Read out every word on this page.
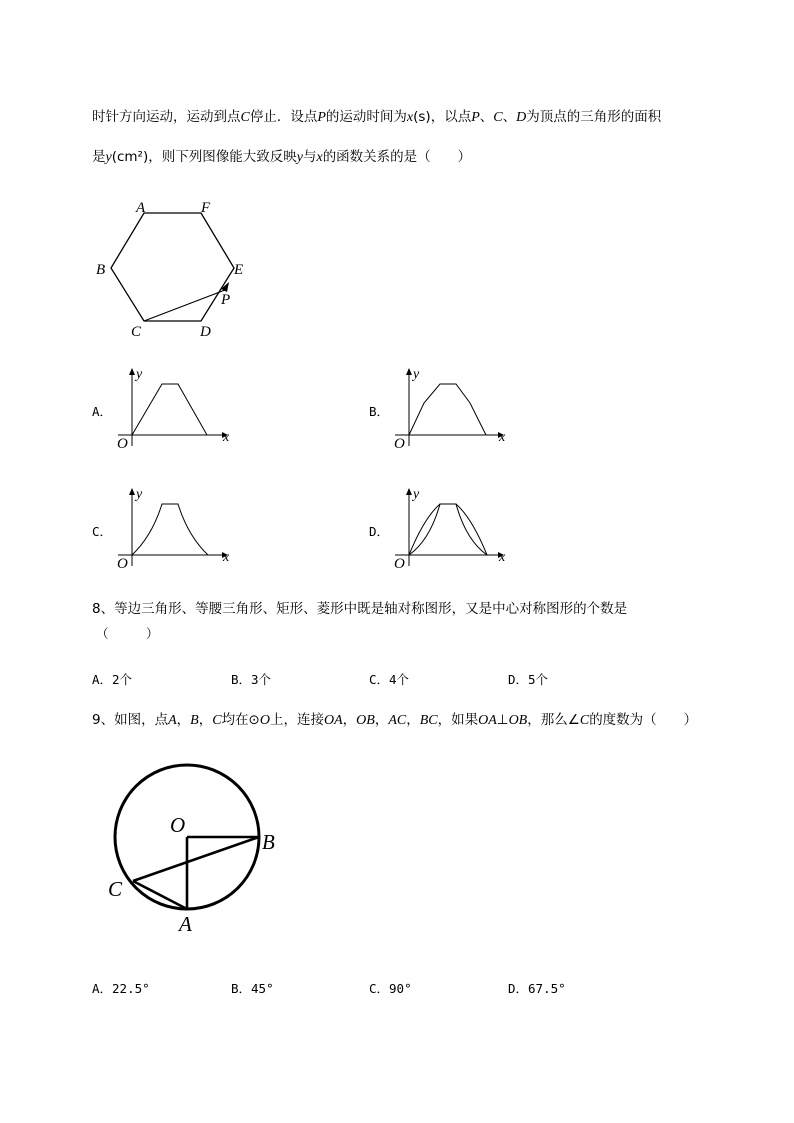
时针方向运动，运动到点C停止．设点P的运动时间为x(s)，以点P、C、D为顶点的三角形的面积
是y(cm²)，则下列图像能大致反映y与x的函数关系的是（　　）
A	F
B	E
P
C	D
y
x
O
y
x
O
y
x
O
y
x
O
O
B
C
A
A．	B．
C．	D．
8、等边三角形、等腰三角形、矩形、菱形中既是轴对称图形，又是中心对称图形的个数是
（　　　）
A．2个	B．3个	C．4个	D．5个
9、如图，点A，B，C均在⊙O上，连接OA，OB，AC，BC，如果OA⊥OB，那么∠C的度数为（　　）
A．22.5°	B．45°	C．90°	D．67.5°
